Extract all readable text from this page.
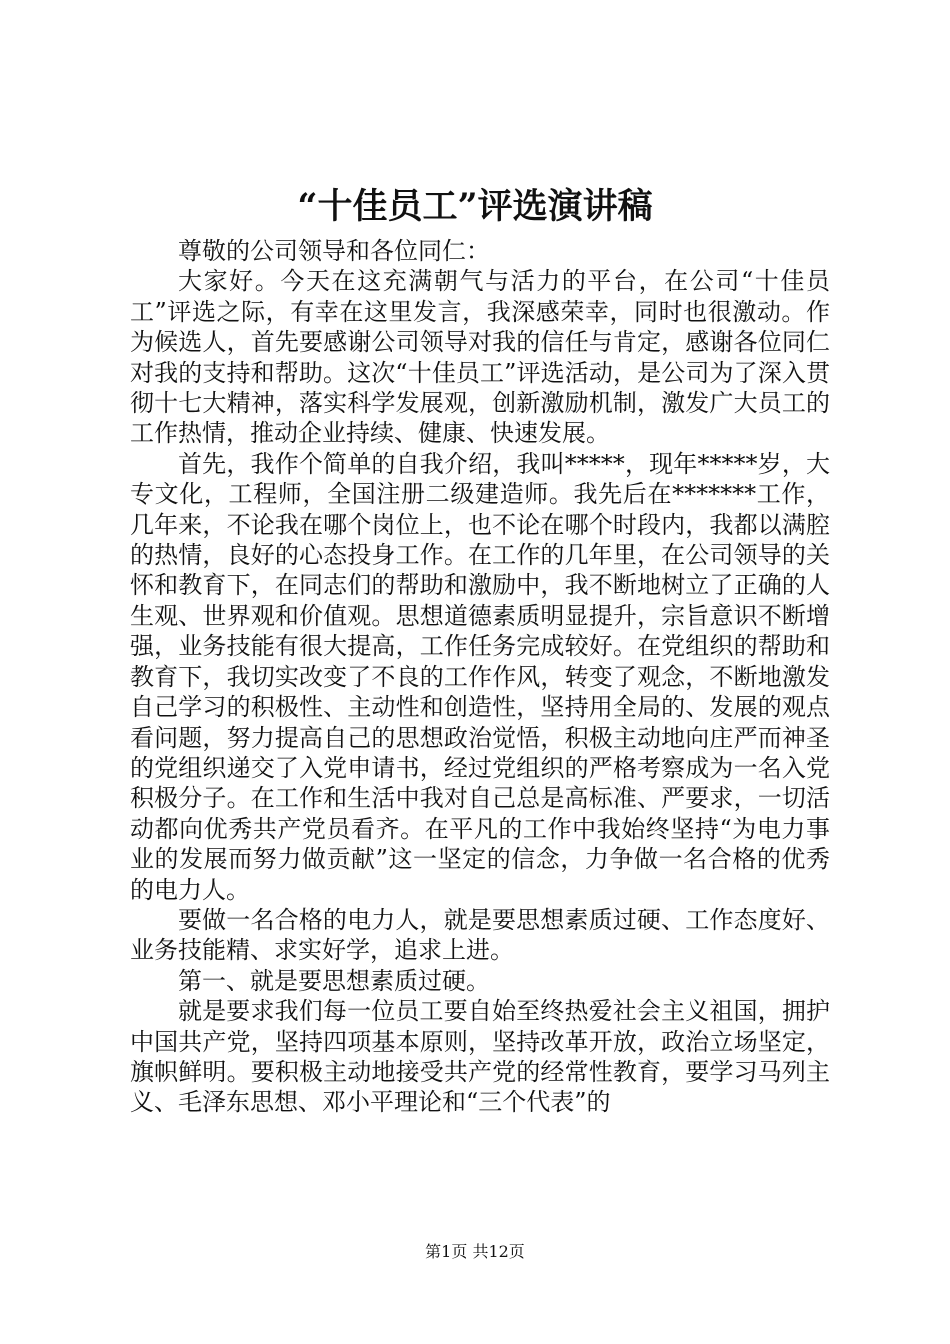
“十佳员工”评选演讲稿

尊敬的公司领导和各位同仁：

大家好。今天在这充满朝气与活力的平台，在公司“十佳员工”评选之际，有幸在这里发言，我深感荣幸，同时也很激动。作为候选人，首先要感谢公司领导对我的信任与肯定，感谢各位同仁对我的支持和帮助。这次“十佳员工”评选活动，是公司为了深入贯彻十七大精神，落实科学发展观，创新激励机制，激发广大员工的工作热情，推动企业持续、健康、快速发展。

首先，我作个简单的自我介绍，我叫*****，现年*****岁，大专文化，工程师，全国注册二级建造师。我先后在*******工作，几年来，不论我在哪个岗位上，也不论在哪个时段内，我都以满腔的热情，良好的心态投身工作。在工作的几年里，在公司领导的关怀和教育下，在同志们的帮助和激励中，我不断地树立了正确的人生观、世界观和价值观。思想道德素质明显提升，宗旨意识不断增强，业务技能有很大提高，工作任务完成较好。在党组织的帮助和教育下，我切实改变了不良的工作作风，转变了观念，不断地激发自己学习的积极性、主动性和创造性，坚持用全局的、发展的观点看问题，努力提高自己的思想政治觉悟，积极主动地向庄严而神圣的党组织递交了入党申请书，经过党组织的严格考察成为一名入党积极分子。在工作和生活中我对自己总是高标准、严要求，一切活动都向优秀共产党员看齐。在平凡的工作中我始终坚持“为电力事业的发展而努力做贡献”这一坚定的信念，力争做一名合格的优秀的电力人。

要做一名合格的电力人，就是要思想素质过硬、工作态度好、业务技能精、求实好学，追求上进。

第一、就是要思想素质过硬。

就是要求我们每一位员工要自始至终热爱社会主义祖国，拥护中国共产党，坚持四项基本原则，坚持改革开放，政治立场坚定，旗帜鲜明。要积极主动地接受共产党的经常性教育，要学习马列主义、毛泽东思想、邓小平理论和“三个代表”的

第1页 共12页
